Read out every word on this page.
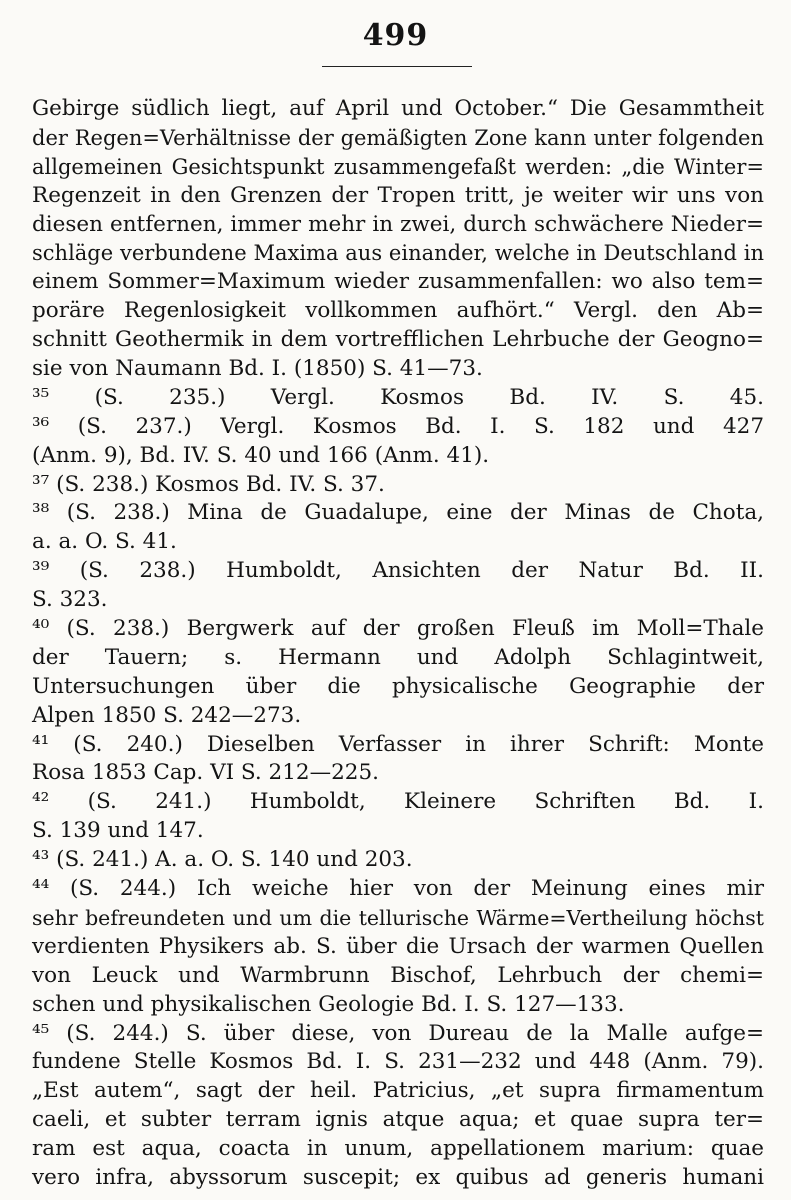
499
Gebirge südlich liegt, auf April und October.“ Die Gesammtheit
der Regen=Verhältnisse der gemäßigten Zone kann unter folgenden
allgemeinen Gesichtspunkt zusammengefaßt werden: „die Winter=
Regenzeit in den Grenzen der Tropen tritt, je weiter wir uns von
diesen entfernen, immer mehr in zwei, durch schwächere Nieder=
schläge verbundene Maxima aus einander, welche in Deutschland in
einem Sommer=Maximum wieder zusammenfallen: wo also tem=
poräre Regenlosigkeit vollkommen aufhört.“ Vergl. den Ab=
schnitt Geothermik in dem vortrefflichen Lehrbuche der Geogno=
sie von Naumann Bd. I. (1850) S. 41—73.
³⁵ (S. 235.) Vergl. Kosmos Bd. IV. S. 45.
³⁶ (S. 237.) Vergl. Kosmos Bd. I. S. 182 und 427
(Anm. 9), Bd. IV. S. 40 und 166 (Anm. 41).
³⁷ (S. 238.) Kosmos Bd. IV. S. 37.
³⁸ (S. 238.) Mina de Guadalupe, eine der Minas de Chota,
a. a. O. S. 41.
³⁹ (S. 238.) Humboldt, Ansichten der Natur Bd. II.
S. 323.
⁴⁰ (S. 238.) Bergwerk auf der großen Fleuß im Moll=Thale
der Tauern; s. Hermann und Adolph Schlagintweit,
Untersuchungen über die physicalische Geographie der
Alpen 1850 S. 242—273.
⁴¹ (S. 240.) Dieselben Verfasser in ihrer Schrift: Monte
Rosa 1853 Cap. VI S. 212—225.
⁴² (S. 241.) Humboldt, Kleinere Schriften Bd. I.
S. 139 und 147.
⁴³ (S. 241.) A. a. O. S. 140 und 203.
⁴⁴ (S. 244.) Ich weiche hier von der Meinung eines mir
sehr befreundeten und um die tellurische Wärme=Vertheilung höchst
verdienten Physikers ab. S. über die Ursach der warmen Quellen
von Leuck und Warmbrunn Bischof, Lehrbuch der chemi=
schen und physikalischen Geologie Bd. I. S. 127—133.
⁴⁵ (S. 244.) S. über diese, von Dureau de la Malle aufge=
fundene Stelle Kosmos Bd. I. S. 231—232 und 448 (Anm. 79).
„Est autem“, sagt der heil. Patricius, „et supra firmamentum
caeli, et subter terram ignis atque aqua; et quae supra ter=
ram est aqua, coacta in unum, appellationem marium: quae
vero infra, abyssorum suscepit; ex quibus ad generis humani
